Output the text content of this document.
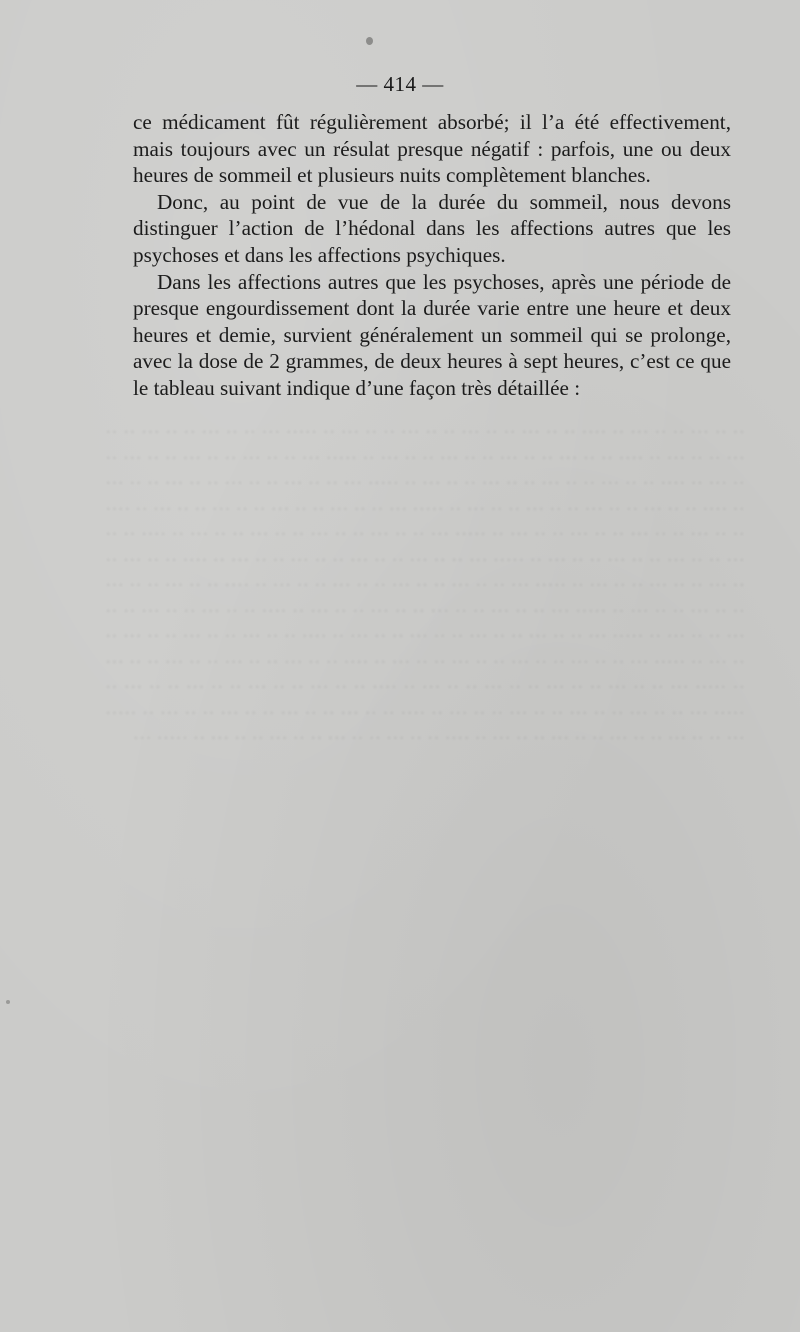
·· ·· ··· ·· ·· ··· ·· ···· ·· ·· ··· ·· ·· ··· ·· ·· ··· ·· ·· ··· ·· ····· ··· ·· ·· ··· ·· ·· ··· ·· ·· ··· ·· ·· ··· ·· ···· ·· ·· ··· ·· ·· ··· ·· ·· ··· ·· ·· ··· ·· ····· ··· ·· ·· ··· ·· ·· ··· ·· ·· ··· ·· ·· ··· ·· ···· ·· ·· ··· ·· ·· ··· ·· ·· ··· ·· ·· ··· ·· ····· ··· ·· ·· ··· ·· ·· ··· ·· ·· ··· ·· ·· ··· ·· ···· ·· ·· ··· ·· ·· ··· ·· ·· ··· ·· ·· ··· ·· ····· ··· ·· ·· ··· ·· ·· ··· ·· ·· ··· ·· ·· ··· ·· ···· ·· ·· ··· ·· ·· ··· ·· ·· ··· ·· ·· ··· ·· ····· ··· ·· ·· ··· ·· ·· ··· ·· ·· ··· ·· ·· ··· ·· ···· ·· ·· ··· ·· ·· ··· ·· ·· ··· ·· ·· ··· ·· ····· ··· ·· ·· ··· ·· ·· ··· ·· ·· ··· ·· ·· ··· ·· ···· ·· ·· ··· ·· ·· ··· ·· ·· ··· ·· ·· ··· ·· ····· ··· ·· ·· ··· ·· ·· ··· ·· ·· ··· ·· ·· ··· ·· ···· ·· ·· ··· ·· ·· ··· ·· ·· ··· ·· ·· ··· ·· ····· ··· ·· ·· ··· ·· ·· ··· ·· ·· ··· ·· ·· ··· ·· ···· ·· ·· ··· ·· ·· ··· ·· ·· ··· ·· ·· ··· ·· ····· ··· ·· ·· ··· ·· ·· ··· ·· ·· ··· ·· ·· ··· ·· ···· ·· ·· ··· ·· ·· ··· ·· ·· ··· ·· ·· ··· ·· ····· ··· ·· ·· ··· ·· ·· ··· ·· ·· ··· ·· ·· ··· ·· ···· ·· ·· ··· ·· ·· ··· ·· ·· ··· ·· ·· ··· ·· ····· ··· ·· ·· ··· ·· ·· ··· ·· ·· ··· ·· ·· ··· ·· ···· ·· ·· ··· ·· ·· ··· ·· ·· ··· ·· ·· ··· ·· ····· ··· ·· ·· ··· ·· ·· ··· ·· ·· ··· ·· ·· ··· ·· ···· ·· ·· ··· ·· ·· ··· ·· ·· ··· ·· ·· ··· ·· ····· ··· ·· ·· ··· ·· ·· ··· ·· ·· ··· ·· ·· ··· ·· ···· ·· ·· ··· ·· ·· ··· ·· ·· ··· ·· ·· ··· ·· ····· ···
— 414 —

ce médicament fût régulièrement absorbé; il l’a été effectivement, mais toujours avec un résulat presque négatif : parfois, une ou deux heures de sommeil et plusieurs nuits complètement blanches.

Donc, au point de vue de la durée du sommeil, nous devons distinguer l’action de l’hédonal dans les affections autres que les psychoses et dans les affections psychiques.

Dans les affections autres que les psychoses, après une période de presque engourdissement dont la durée varie entre une heure et deux heures et demie, survient généralement un sommeil qui se prolonge, avec la dose de 2 grammes, de deux heures à sept heures, c’est ce que le tableau suivant indique d’une façon très détaillée :
